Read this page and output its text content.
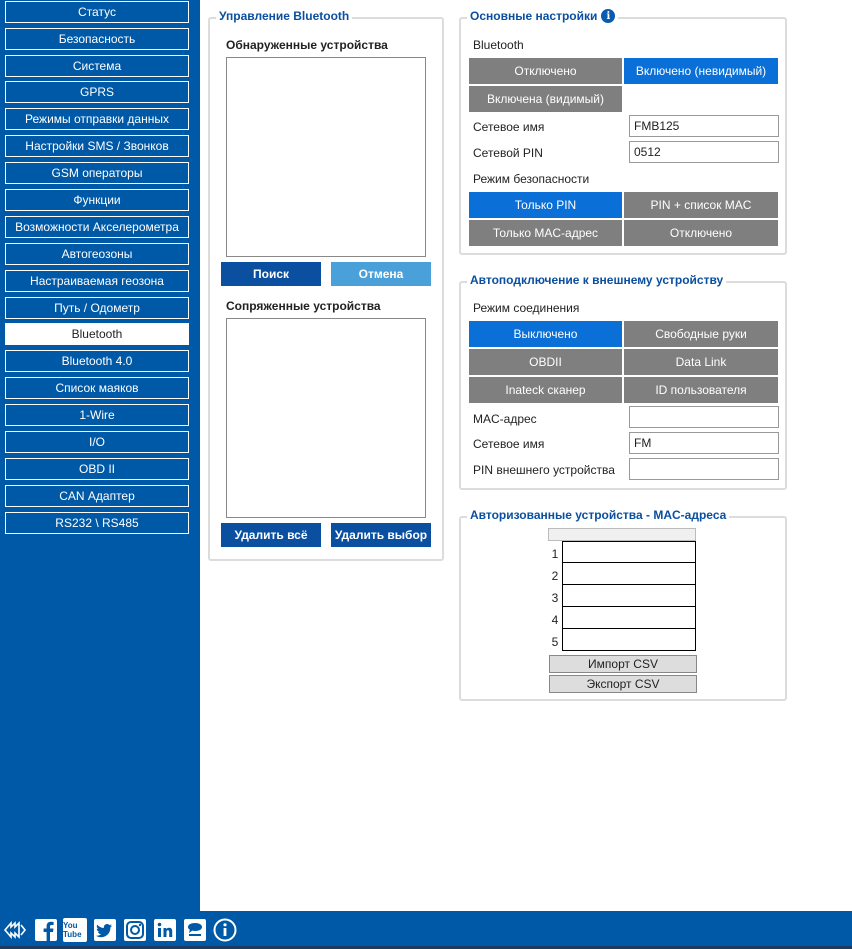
Статус
Безопасность
Система
GPRS
Режимы отправки данных
Настройки SMS / Звонков
GSM операторы
Функции
Возможности Акселерометра
Автогеозоны
Настраиваемая геозона
Путь / Одометр
Bluetooth
Bluetooth 4.0
Список маяков
1-Wire
I/O
OBD II
CAN Адаптер
RS232 \ RS485
Управление Bluetooth
Обнаруженные устройства
Поиск	Отмена
Сопряженные устройства
Удалить всё	Удалить выбор
Основные настройки i
Bluetooth
Отключено	Включено (невидимый)
Включена (видимый)
Сетевое имя	FMB125
Сетевой PIN	0512
Режим безопасности
Только PIN	PIN + список MAC
Только MAC-адрес	Отключено
Автоподключение к внешнему устройству
Режим соединения
Выключено	Свободные руки
OBDII	Data Link
Inateck сканер	ID пользователя
MAC-адрес
Сетевое имя	FM
PIN внешнего устройства
Авторизованные устройства - MAC-адреса
1
2
3
4
5
Импорт CSV
Экспорт CSV
You Tube
